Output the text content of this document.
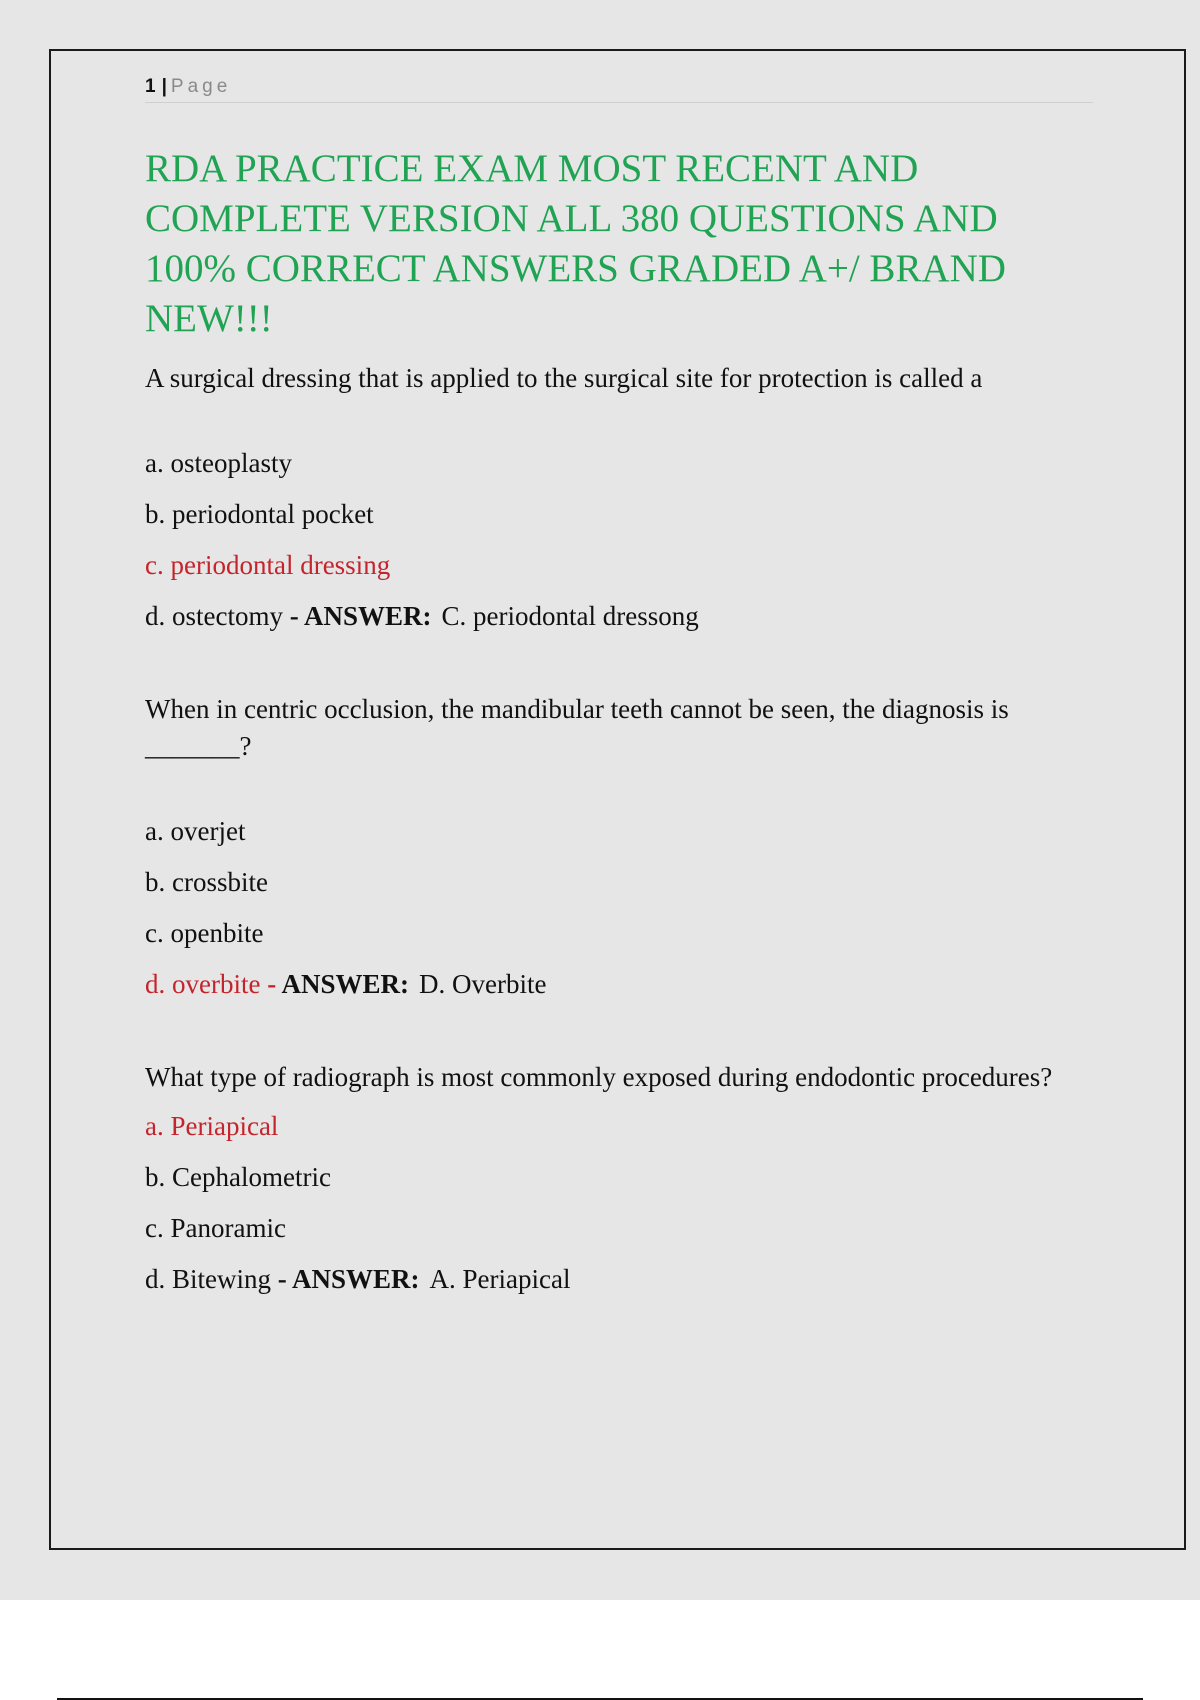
1 | Page
RDA PRACTICE EXAM MOST RECENT AND COMPLETE VERSION ALL 380 QUESTIONS AND 100% CORRECT ANSWERS GRADED A+/ BRAND NEW!!!

A surgical dressing that is applied to the surgical site for protection is called a

a. osteoplasty
b. periodontal pocket
c. periodontal dressing
d. ostectomy - ANSWER: C. periodontal dressong

When in centric occlusion, the mandibular teeth cannot be seen, the diagnosis is _______?

a. overjet
b. crossbite
c. openbite
d. overbite - ANSWER: D. Overbite

What type of radiograph is most commonly exposed during endodontic procedures?

a. Periapical
b. Cephalometric
c. Panoramic
d. Bitewing - ANSWER: A. Periapical
